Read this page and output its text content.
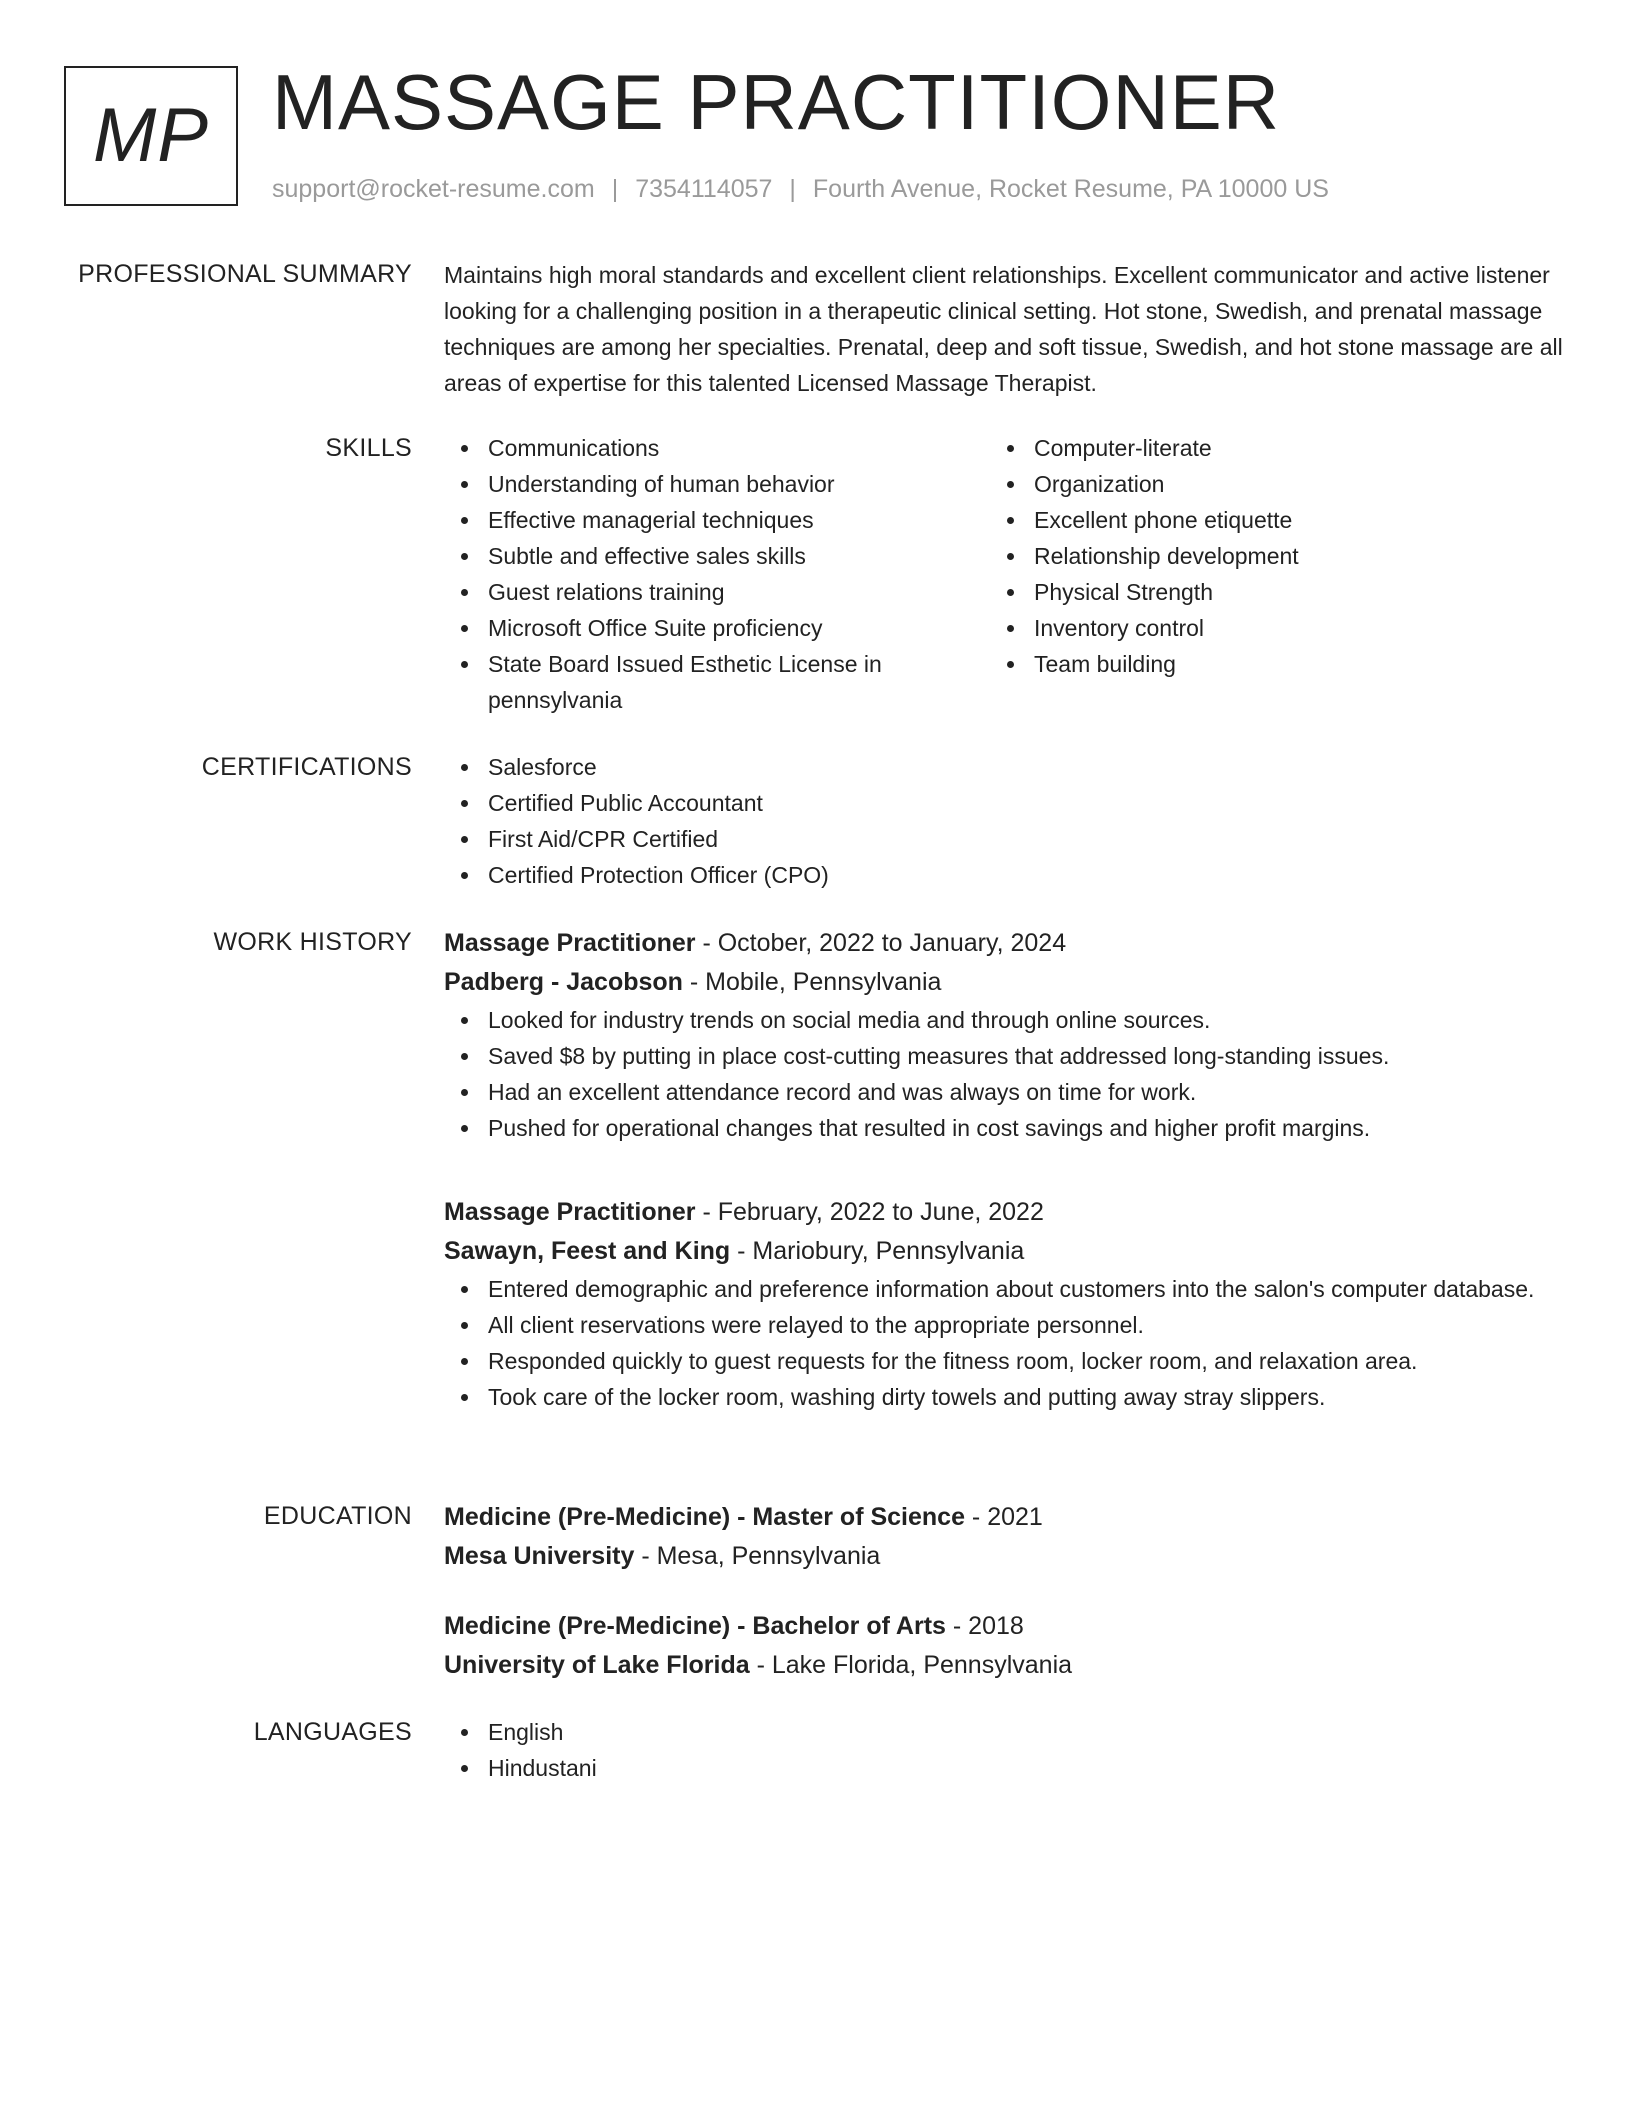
MP MASSAGE PRACTITIONER
support@rocket-resume.com | 7354114057 | Fourth Avenue, Rocket Resume, PA 10000 US
PROFESSIONAL SUMMARY Maintains high moral standards and excellent client relationships. Excellent communicator and active listener looking for a challenging position in a therapeutic clinical setting. Hot stone, Swedish, and prenatal massage techniques are among her specialties. Prenatal, deep and soft tissue, Swedish, and hot stone massage are all areas of expertise for this talented Licensed Massage Therapist.

SKILLS	Communications
Understanding of human behavior
Effective managerial techniques
Subtle and effective sales skills
Guest relations training
Microsoft Office Suite proficiency
State Board Issued Esthetic License in pennsylvania
Computer-literate
Organization
Excellent phone etiquette
Relationship development
Physical Strength
Inventory control
Team building
CERTIFICATIONS	Salesforce
Certified Public Accountant
First Aid/CPR Certified
Certified Protection Officer (CPO)
WORK HISTORY Massage Practitioner - October, 2022 to January, 2024
Padberg - Jacobson - Mobile, Pennsylvania
Looked for industry trends on social media and through online sources.
Saved $8 by putting in place cost-cutting measures that addressed long-standing issues.
Had an excellent attendance record and was always on time for work.
Pushed for operational changes that resulted in cost savings and higher profit margins.
Massage Practitioner - February, 2022 to June, 2022
Sawayn, Feest and King - Mariobury, Pennsylvania
Entered demographic and preference information about customers into the salon's computer database.
All client reservations were relayed to the appropriate personnel.
Responded quickly to guest requests for the fitness room, locker room, and relaxation area.
Took care of the locker room, washing dirty towels and putting away stray slippers.
EDUCATION Medicine (Pre-Medicine) - Master of Science - 2021
Mesa University - Mesa, Pennsylvania
Medicine (Pre-Medicine) - Bachelor of Arts - 2018
University of Lake Florida - Lake Florida, Pennsylvania
LANGUAGES	English
Hindustani
